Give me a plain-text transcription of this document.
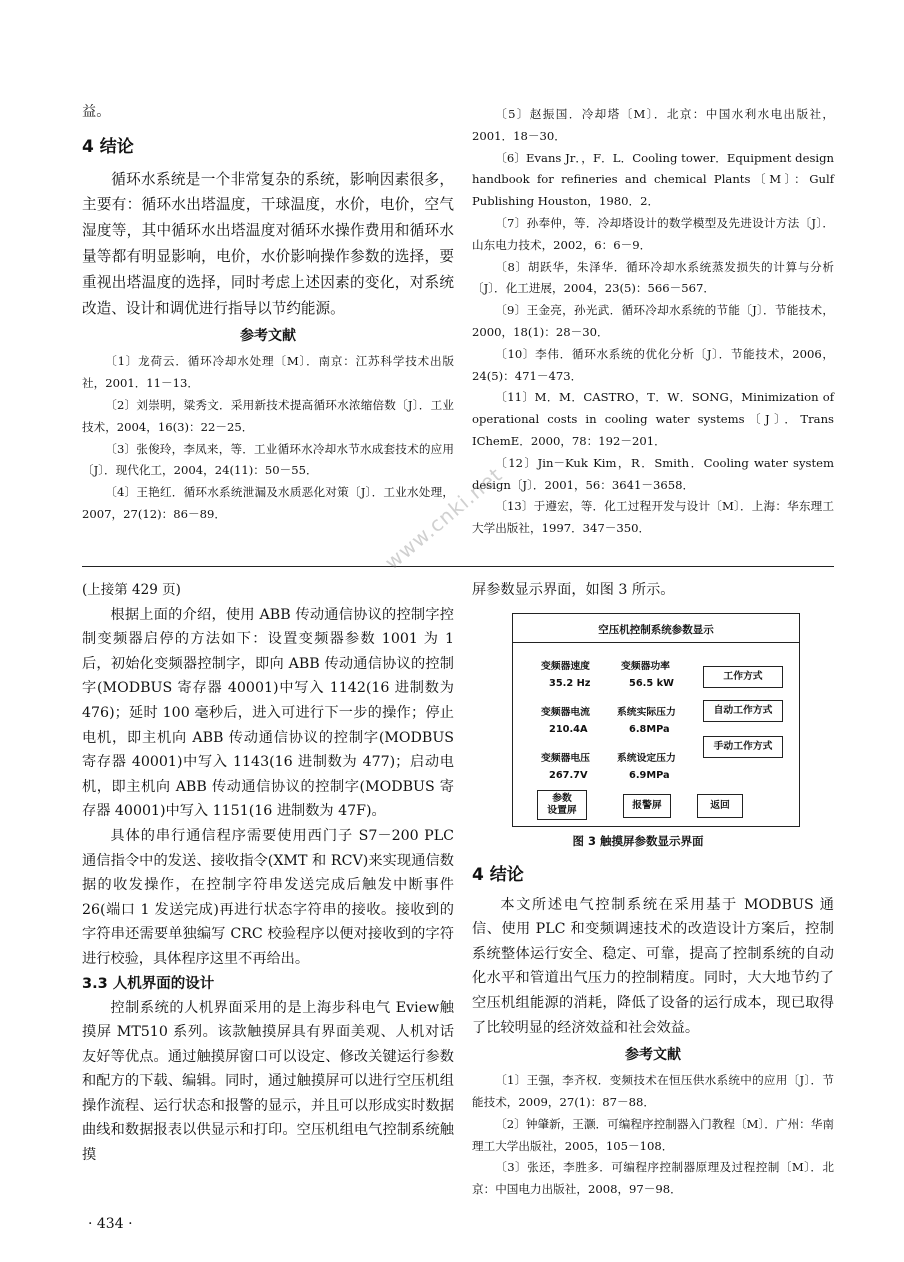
益。

4 结论

循环水系统是一个非常复杂的系统，影响因素很多，主要有：循环水出塔温度，干球温度，水价，电价，空气湿度等，其中循环水出塔温度对循环水操作费用和循环水量等都有明显影响，电价，水价影响操作参数的选择，要重视出塔温度的选择，同时考虑上述因素的变化，对系统改造、设计和调优进行指导以节约能源。

参考文献

〔1〕龙荷云．循环冷却水处理〔M〕．南京：江苏科学技术出版社，2001．11－13．

〔2〕刘崇明，粱秀文．采用新技术提高循环水浓缩倍数〔J〕．工业技术，2004，16(3)：22－25．

〔3〕张俊玲，李凤来，等．工业循环水冷却水节水成套技术的应用〔J〕．现代化工，2004，24(11)：50－55．

〔4〕王艳红．循环水系统泄漏及水质恶化对策〔J〕．工业水处理，2007，27(12)：86－89．

〔5〕赵振国．冷却塔〔M〕．北京：中国水利水电出版社，2001．18－30．

〔6〕Evans Jr．，F．L．Cooling tower．Equipment design handbook for refineries and chemical Plants〔M〕：Gulf Publishing Houston，1980．2．

〔7〕孙奉仲，等．冷却塔设计的数学模型及先进设计方法〔J〕．山东电力技术，2002，6：6－9．

〔8〕胡跃华，朱泽华．循环冷却水系统蒸发损失的计算与分析〔J〕．化工进展，2004，23(5)：566－567．

〔9〕王金亮，孙光武．循环冷却水系统的节能〔J〕．节能技术，2000，18(1)：28－30．

〔10〕李伟．循环水系统的优化分析〔J〕．节能技术，2006，24(5)：471－473．

〔11〕M．M．CASTRO，T．W．SONG，Minimization of operational costs in cooling water systems〔J〕．Trans IChemE．2000，78：192－201．

〔12〕Jin－Kuk Kim，R．Smith．Cooling water system design〔J〕．2001，56：3641－3658．

〔13〕于遵宏，等．化工过程开发与设计〔M〕．上海：华东理工大学出版社，1997．347－350．

(上接第 429 页)

根据上面的介绍，使用 ABB 传动通信协议的控制字控制变频器启停的方法如下：设置变频器参数 1001 为 1 后，初始化变频器控制字，即向 ABB 传动通信协议的控制字(MODBUS 寄存器 40001)中写入 1142(16 进制数为 476)；延时 100 毫秒后，进入可进行下一步的操作；停止电机，即主机向 ABB 传动通信协议的控制字(MODBUS 寄存器 40001)中写入 1143(16 进制数为 477)；启动电机，即主机向 ABB 传动通信协议的控制字(MODBUS 寄存器 40001)中写入 1151(16 进制数为 47F)。

具体的串行通信程序需要使用西门子 S7－200 PLC 通信指令中的发送、接收指令(XMT 和 RCV)来实现通信数据的收发操作，在控制字符串发送完成后触发中断事件 26(端口 1 发送完成)再进行状态字符串的接收。接收到的字符串还需要单独编写 CRC 校验程序以便对接收到的字符进行校验，具体程序这里不再给出。

3.3 人机界面的设计

控制系统的人机界面采用的是上海步科电气 Eview触摸屏 MT510 系列。该款触摸屏具有界面美观、人机对话友好等优点。通过触摸屏窗口可以设定、修改关键运行参数和配方的下载、编辑。同时，通过触摸屏可以进行空压机组操作流程、运行状态和报警的显示，并且可以形成实时数据曲线和数据报表以供显示和打印。空压机组电气控制系统触摸

屏参数显示界面，如图 3 所示。

空压机控制系统参数显示
变频器速度
35.2 Hz
变频器功率
56.5 kW
变频器电流
210.4A
系统实际压力
6.8MPa
变频器电压
267.7V
系统设定压力
6.9MPa
工作方式
自动工作方式
手动工作方式
参数
设置屏	报警屏	返回

图 3 触摸屏参数显示界面

4 结论

本文所述电气控制系统在采用基于 MODBUS 通信、使用 PLC 和变频调速技术的改造设计方案后，控制系统整体运行安全、稳定、可靠，提高了控制系统的自动化水平和管道出气压力的控制精度。同时，大大地节约了空压机组能源的消耗，降低了设备的运行成本，现已取得了比较明显的经济效益和社会效益。

参考文献

〔1〕王强，李齐权．变频技术在恒压供水系统中的应用〔J〕．节能技术，2009，27(1)：87－88．

〔2〕钟肇新，王灏．可编程序控制器入门教程〔M〕．广州：华南理工大学出版社，2005，105－108．

〔3〕张还，李胜多．可编程序控制器原理及过程控制〔M〕．北京：中国电力出版社，2008，97－98．

· 434 ·
www.cnki.net
